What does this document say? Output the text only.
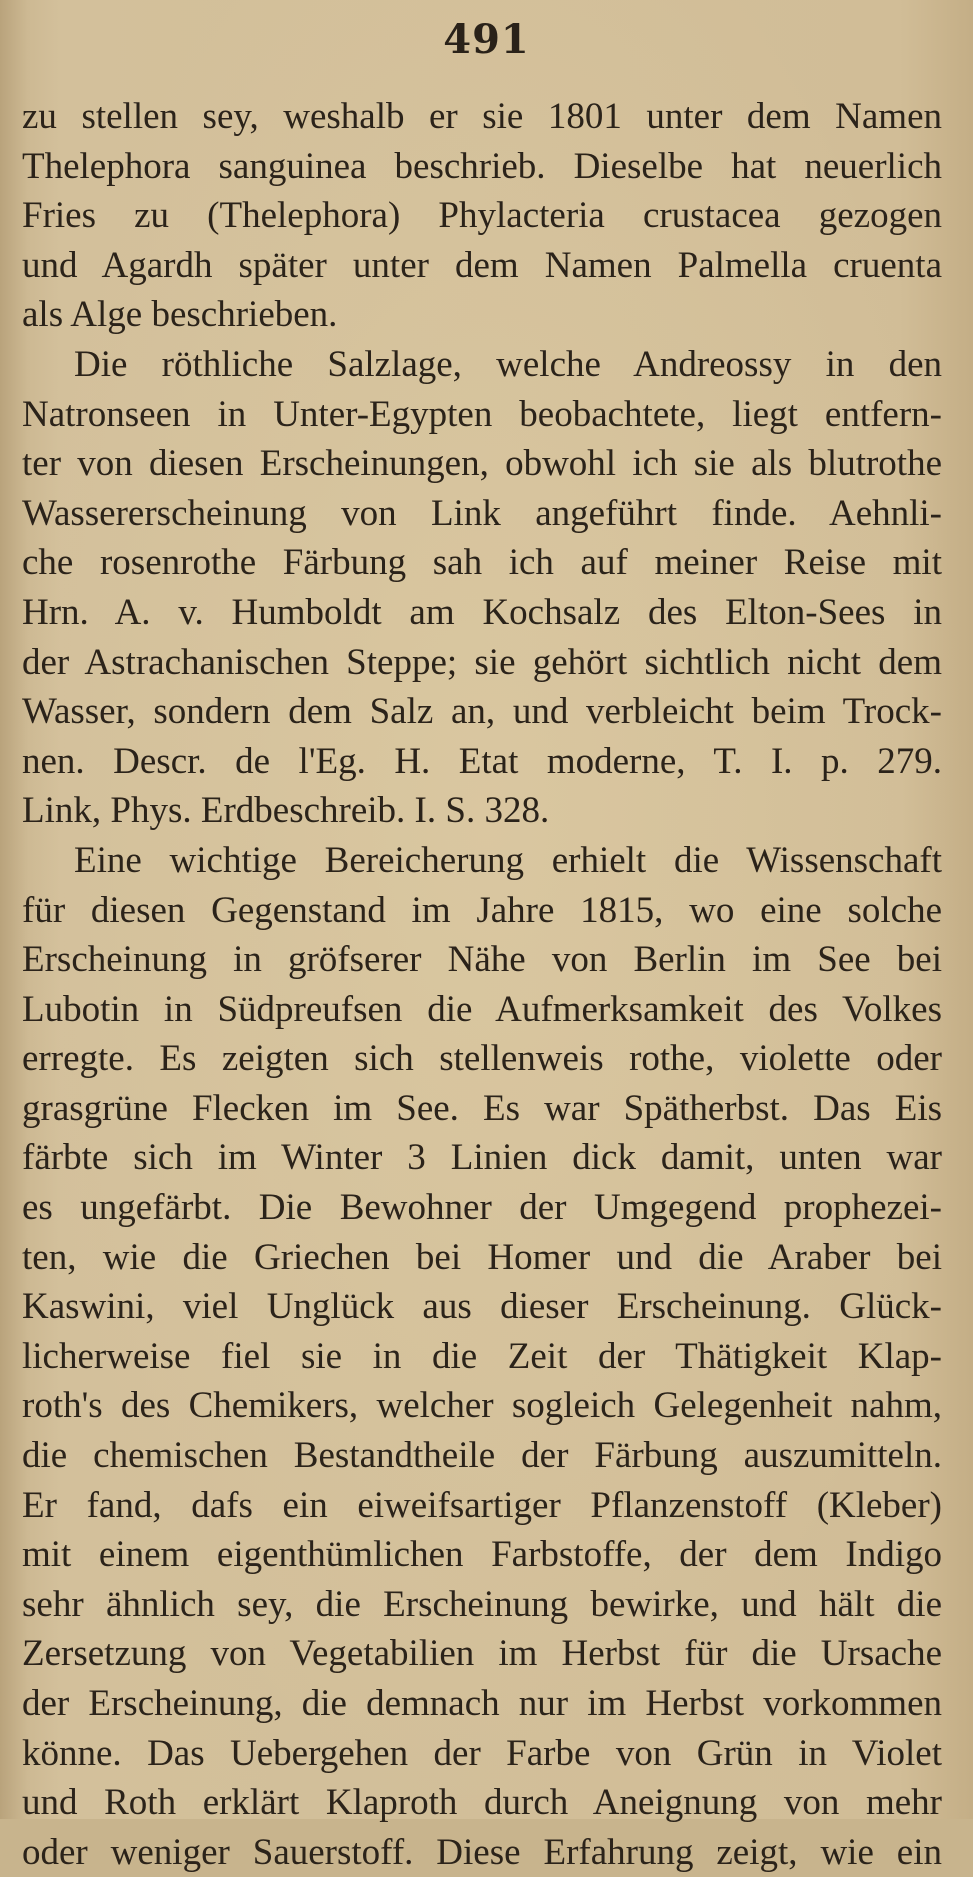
491
zu stellen sey, weshalb er sie 1801 unter dem Namen
Thelephora sanguinea beschrieb. Dieselbe hat neuerlich
Fries zu (Thelephora) Phylacteria crustacea gezogen
und Agardh später unter dem Namen Palmella cruenta
als Alge beschrieben.
Die röthliche Salzlage, welche Andreossy in den
Natronseen in Unter-Egypten beobachtete, liegt entfern-
ter von diesen Erscheinungen, obwohl ich sie als blutrothe
Wassererscheinung von Link angeführt finde. Aehnli-
che rosenrothe Färbung sah ich auf meiner Reise mit
Hrn. A. v. Humboldt am Kochsalz des Elton-Sees in
der Astrachanischen Steppe; sie gehört sichtlich nicht dem
Wasser, sondern dem Salz an, und verbleicht beim Trock-
nen. Descr. de l'Eg. H. Etat moderne, T. I. p. 279.
Link, Phys. Erdbeschreib. I. S. 328.
Eine wichtige Bereicherung erhielt die Wissenschaft
für diesen Gegenstand im Jahre 1815, wo eine solche
Erscheinung in gröfserer Nähe von Berlin im See bei
Lubotin in Südpreufsen die Aufmerksamkeit des Volkes
erregte. Es zeigten sich stellenweis rothe, violette oder
grasgrüne Flecken im See. Es war Spätherbst. Das Eis
färbte sich im Winter 3 Linien dick damit, unten war
es ungefärbt. Die Bewohner der Umgegend prophezei-
ten, wie die Griechen bei Homer und die Araber bei
Kaswini, viel Unglück aus dieser Erscheinung. Glück-
licherweise fiel sie in die Zeit der Thätigkeit Klap-
roth's des Chemikers, welcher sogleich Gelegenheit nahm,
die chemischen Bestandtheile der Färbung auszumitteln.
Er fand, dafs ein eiweifsartiger Pflanzenstoff (Kleber)
mit einem eigenthümlichen Farbstoffe, der dem Indigo
sehr ähnlich sey, die Erscheinung bewirke, und hält die
Zersetzung von Vegetabilien im Herbst für die Ursache
der Erscheinung, die demnach nur im Herbst vorkommen
könne. Das Uebergehen der Farbe von Grün in Violet
und Roth erklärt Klaproth durch Aneignung von mehr
oder weniger Sauerstoff. Diese Erfahrung zeigt, wie ein
